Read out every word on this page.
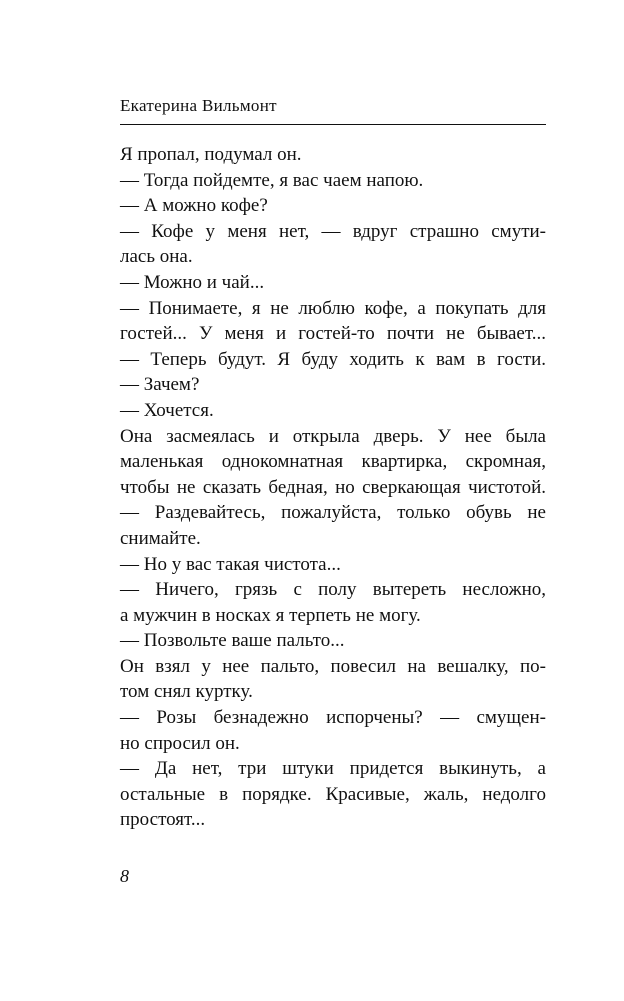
Екатерина Вильмонт
Я пропал, подумал он.
— Тогда пойдемте, я вас чаем напою.
— А можно кофе?
— Кофе у меня нет, — вдруг страшно смути-
лась она.
— Можно и чай...
— Понимаете, я не люблю кофе, а покупать для
гостей... У меня и гостей-то почти не бывает...
— Теперь будут. Я буду ходить к вам в гости.
— Зачем?
— Хочется.
Она засмеялась и открыла дверь. У нее была
маленькая однокомнатная квартирка, скромная,
чтобы не сказать бедная, но сверкающая чистотой.
— Раздевайтесь, пожалуйста, только обувь не
снимайте.
— Но у вас такая чистота...
— Ничего, грязь с полу вытереть несложно,
а мужчин в носках я терпеть не могу.
— Позвольте ваше пальто...
Он взял у нее пальто, повесил на вешалку, по-
том снял куртку.
— Розы безнадежно испорчены? — смущен-
но спросил он.
— Да нет, три штуки придется выкинуть, а
остальные в порядке. Красивые, жаль, недолго
простоят...
8
